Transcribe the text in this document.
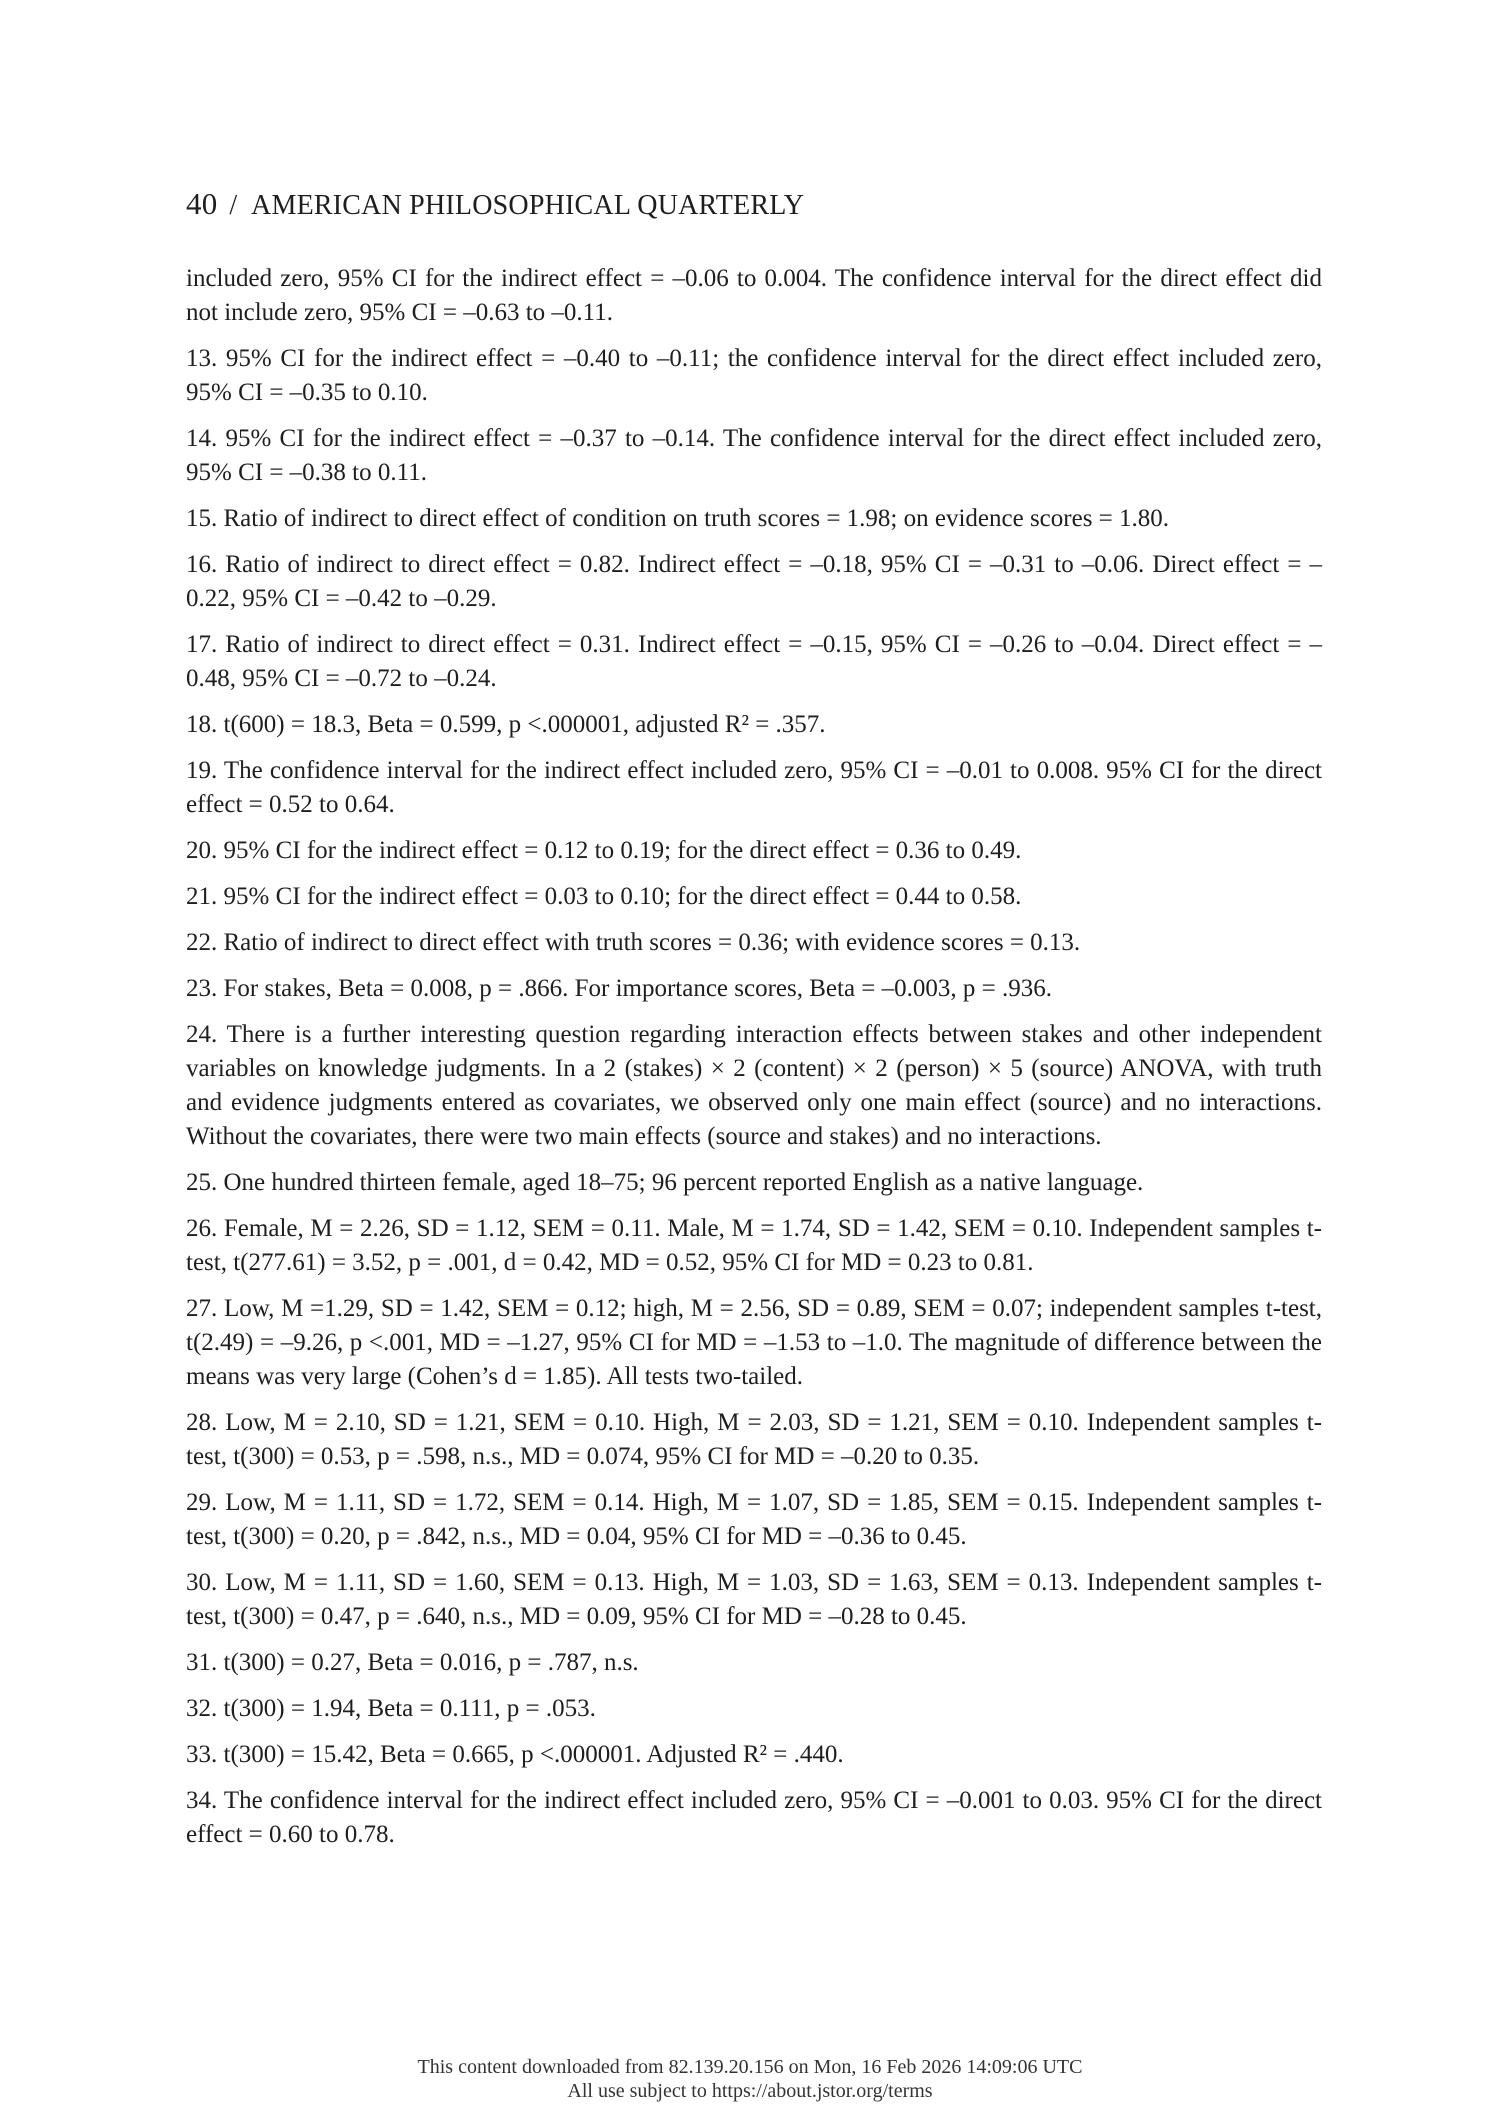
40 / AMERICAN PHILOSOPHICAL QUARTERLY

included zero, 95% CI for the indirect effect = –0.06 to 0.004. The confidence interval for the direct effect did not include zero, 95% CI = –0.63 to –0.11.

13. 95% CI for the indirect effect = –0.40 to –0.11; the confidence interval for the direct effect included zero, 95% CI = –0.35 to 0.10.

14. 95% CI for the indirect effect = –0.37 to –0.14. The confidence interval for the direct effect included zero, 95% CI = –0.38 to 0.11.

15. Ratio of indirect to direct effect of condition on truth scores = 1.98; on evidence scores = 1.80.

16. Ratio of indirect to direct effect = 0.82. Indirect effect = –0.18, 95% CI = –0.31 to –0.06. Direct effect = –0.22, 95% CI = –0.42 to –0.29.

17. Ratio of indirect to direct effect = 0.31. Indirect effect = –0.15, 95% CI = –0.26 to –0.04. Direct effect = –0.48, 95% CI = –0.72 to –0.24.

18. t(600) = 18.3, Beta = 0.599, p <.000001, adjusted R² = .357.

19. The confidence interval for the indirect effect included zero, 95% CI = –0.01 to 0.008. 95% CI for the direct effect = 0.52 to 0.64.

20. 95% CI for the indirect effect = 0.12 to 0.19; for the direct effect = 0.36 to 0.49.

21. 95% CI for the indirect effect = 0.03 to 0.10; for the direct effect = 0.44 to 0.58.

22. Ratio of indirect to direct effect with truth scores = 0.36; with evidence scores = 0.13.

23. For stakes, Beta = 0.008, p = .866. For importance scores, Beta = –0.003, p = .936.

24. There is a further interesting question regarding interaction effects between stakes and other independent variables on knowledge judgments. In a 2 (stakes) × 2 (content) × 2 (person) × 5 (source) ANOVA, with truth and evidence judgments entered as covariates, we observed only one main effect (source) and no interactions. Without the covariates, there were two main effects (source and stakes) and no interactions.

25. One hundred thirteen female, aged 18–75; 96 percent reported English as a native language.

26. Female, M = 2.26, SD = 1.12, SEM = 0.11. Male, M = 1.74, SD = 1.42, SEM = 0.10. Independent samples t-test, t(277.61) = 3.52, p = .001, d = 0.42, MD = 0.52, 95% CI for MD = 0.23 to 0.81.

27. Low, M =1.29, SD = 1.42, SEM = 0.12; high, M = 2.56, SD = 0.89, SEM = 0.07; independent samples t-test, t(2.49) = –9.26, p <.001, MD = –1.27, 95% CI for MD = –1.53 to –1.0. The magnitude of difference between the means was very large (Cohen’s d = 1.85). All tests two-tailed.

28. Low, M = 2.10, SD = 1.21, SEM = 0.10. High, M = 2.03, SD = 1.21, SEM = 0.10. Independent samples t-test, t(300) = 0.53, p = .598, n.s., MD = 0.074, 95% CI for MD = –0.20 to 0.35.

29. Low, M = 1.11, SD = 1.72, SEM = 0.14. High, M = 1.07, SD = 1.85, SEM = 0.15. Independent samples t-test, t(300) = 0.20, p = .842, n.s., MD = 0.04, 95% CI for MD = –0.36 to 0.45.

30. Low, M = 1.11, SD = 1.60, SEM = 0.13. High, M = 1.03, SD = 1.63, SEM = 0.13. Independent samples t-test, t(300) = 0.47, p = .640, n.s., MD = 0.09, 95% CI for MD = –0.28 to 0.45.

31. t(300) = 0.27, Beta = 0.016, p = .787, n.s.

32. t(300) = 1.94, Beta = 0.111, p = .053.

33. t(300) = 15.42, Beta = 0.665, p <.000001. Adjusted R² = .440.

34. The confidence interval for the indirect effect included zero, 95% CI = –0.001 to 0.03. 95% CI for the direct effect = 0.60 to 0.78.

This content downloaded from 82.139.20.156 on Mon, 16 Feb 2026 14:09:06 UTC
All use subject to https://about.jstor.org/terms
